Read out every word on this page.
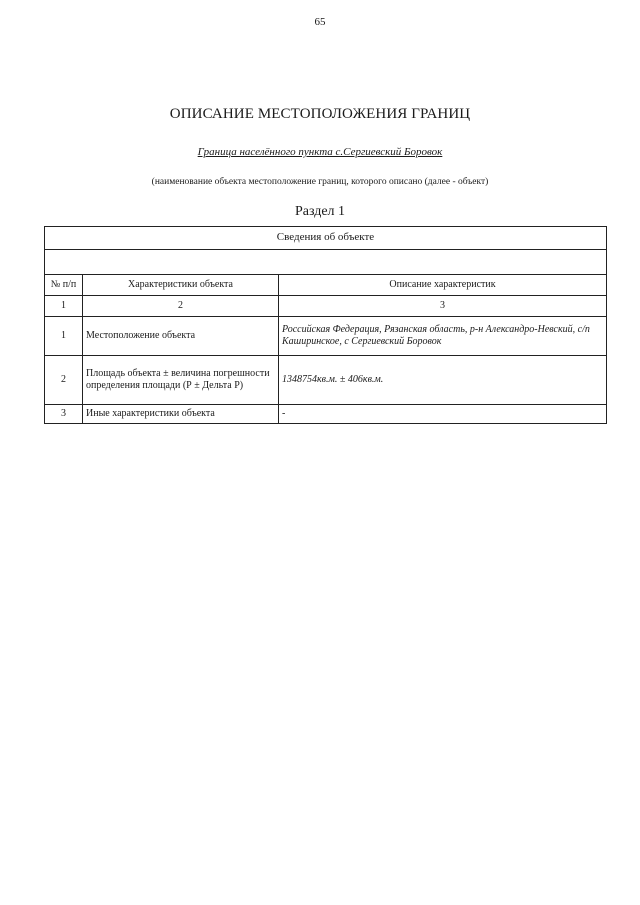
65
ОПИСАНИЕ МЕСТОПОЛОЖЕНИЯ ГРАНИЦ
Граница населённого пункта с.Сергиевский Боровок
(наименование объекта местоположение границ, которого описано (далее - объект)
Раздел 1
Сведения об объекте		

№ п/п	Характеристики объекта	Описание характеристик
1	2	3
1	Местоположение объекта	Российская Федерация, Рязанская область, р-н Александро-Невский, с/п Каширинское, с Сергиевский Боровок
2	Площадь объекта ± величина погрешности определения площади (Р ± Дельта Р)	1348754кв.м. ± 406кв.м.
3	Иные характеристики объекта	-
